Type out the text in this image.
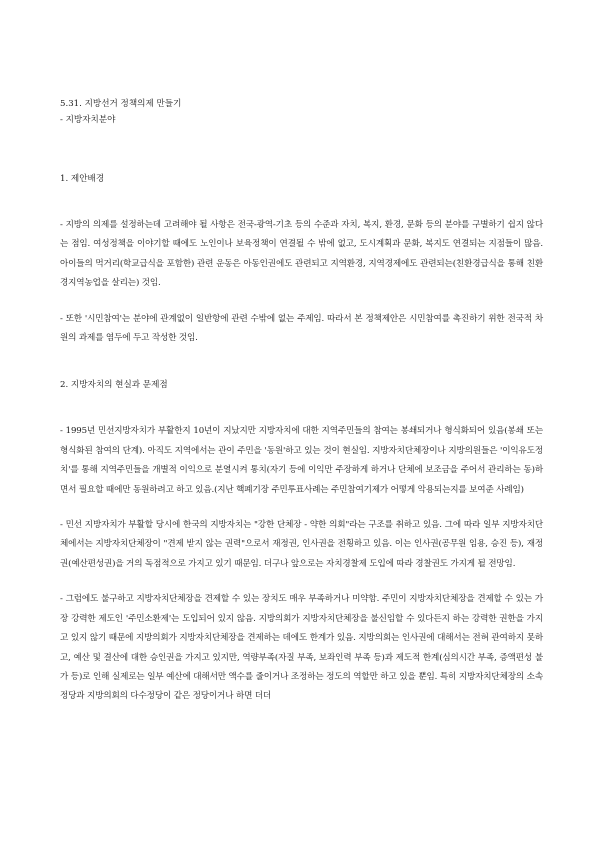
5.31. 지방선거 정책의제 만들기
- 지방자치분야
1. 제안배경
- 지방의 의제를 설정하는데 고려해야 될 사항은 전국-광역-기초 등의 수준과 자치, 복지, 환경, 문화 등의 분야를 구별하기 쉽지 않다는 점임. 여성정책을 이야기할 때에도 노인이나 보육정책이 연결될 수 밖에 없고, 도시계획과 문화, 복지도 연결되는 지점들이 많음. 아이들의 먹거리(학교급식을 포함한) 관련 운동은 아동인권에도 관련되고 지역환경, 지역경제에도 관련되는(친환경급식을 통해 친환경지역농업을 살리는) 것임.
- 또한 '시민참여'는 분야에 관계없이 일반항에 관련 수밖에 없는 주제임. 따라서 본 정책제안은 시민참여를 촉진하기 위한 전국적 차원의 과제를 염두에 두고 작성한 것임.
2. 지방자치의 현실과 문제점
- 1995년 민선지방자치가 부활한지 10년이 지났지만 지방자치에 대한 지역주민들의 참여는 봉쇄되거나 형식화되어 있음(봉쇄 또는 형식화된 참여의 단계). 아직도 지역에서는 관이 주민을 '동원'하고 있는 것이 현실임. 지방자치단체장이나 지방의원들은 '이익유도정치'를 통해 지역주민들을 개별적 이익으로 분열시켜 통치(자기 등에 이익만 주장하게 하거나 단체에 보조금을 주어서 관리하는 동)하면서 필요할 때에만 동원하려고 하고 있음.(지난 핵폐기장 주민투표사례는 주민참여기제가 어떻게 악용되는지를 보여준 사례임)
- 민선 지방자치가 부활할 당시에 한국의 지방자치는 "강한 단체장 - 약한 의회"라는 구조를 취하고 있음. 그에 따라 일부 지방자치단체에서는 지방자치단체장이 "견제 받지 않는 권력"으로서 재정권, 인사권을 전횡하고 있음. 이는 인사권(공무원 임용, 승진 등), 재정권(예산편성권)을 거의 독점적으로 가지고 있기 때문임. 더구나 앞으로는 자치경찰제 도입에 따라 경찰권도 가지게 될 전망임.
- 그럼에도 불구하고 지방자치단체장을 견제할 수 있는 장치도 매우 부족하거나 미약함. 주민이 지방자치단체장을 견제할 수 있는 가장 강력한 제도인 '주민소환제'는 도입되어 있지 않음. 지방의회가 지방자치단체장을 불신임할 수 있다든지 하는 강력한 권한을 가지고 있지 않기 때문에 지방의회가 지방자치단체장을 견제하는 데에도 한계가 있음. 지방의회는 인사권에 대해서는 전혀 관여하지 못하고, 예산 및 결산에 대한 승인권을 가지고 있지만, 역량부족(자질 부족, 보좌인력 부족 등)과 제도적 한계(심의시간 부족, 증액편성 불가 등)로 인해 실제로는 일부 예산에 대해서만 액수를 줄이거나 조정하는 정도의 역할만 하고 있을 뿐임. 특히 지방자치단체장의 소속정당과 지방의회의 다수정당이 같은 정당이거나 하면 더더
